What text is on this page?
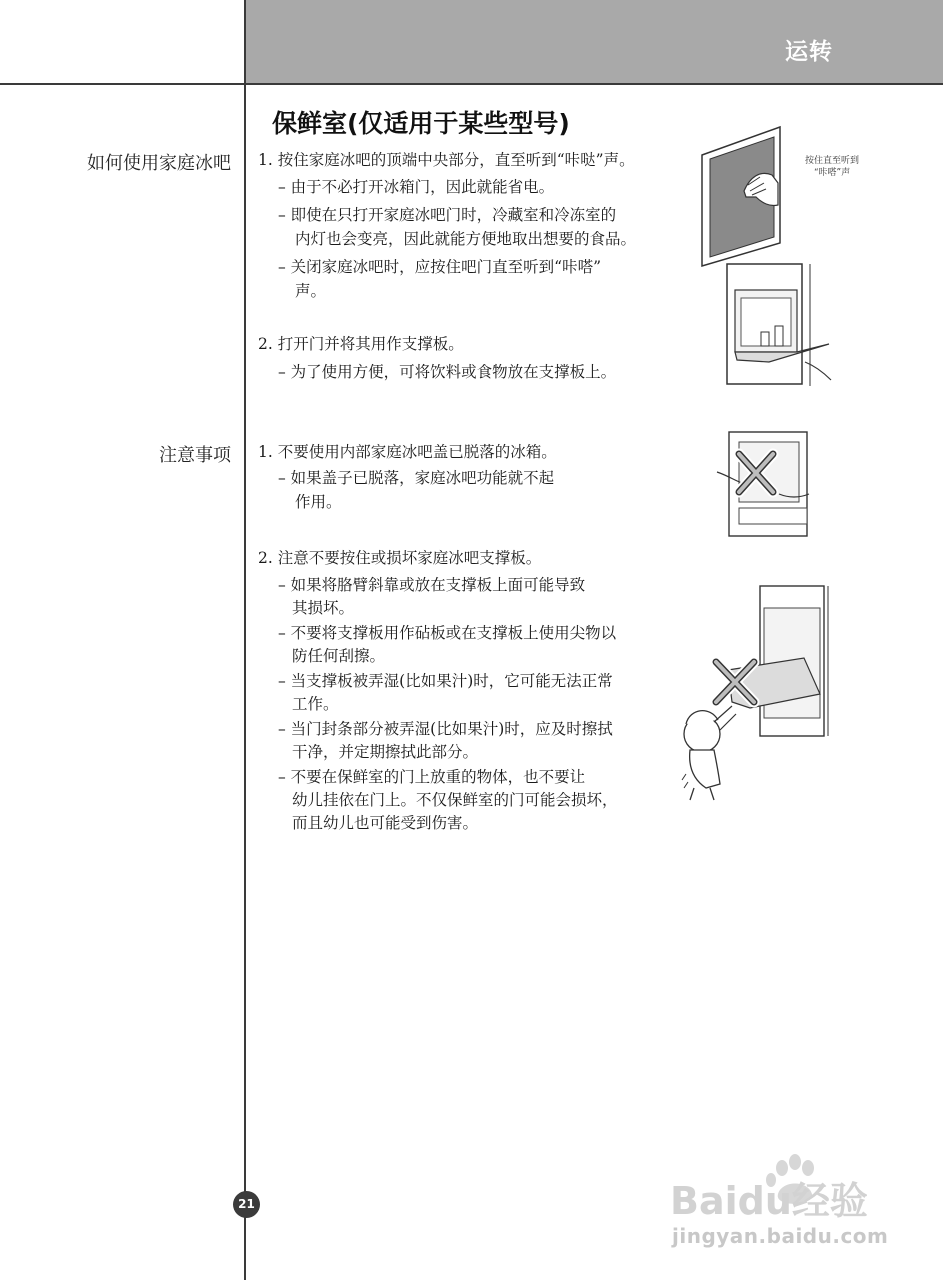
运转
保鲜室(仅适用于某些型号)
如何使用家庭冰吧
注意事项
1. 按住家庭冰吧的顶端中央部分，直至听到“咔哒”声。
– 由于不必打开冰箱门，因此就能省电。
– 即使在只打开家庭冰吧门时，冷藏室和冷冻室的
内灯也会变亮，因此就能方便地取出想要的食品。
– 关闭家庭冰吧时，应按住吧门直至听到“咔嗒”
声。
2. 打开门并将其用作支撑板。
– 为了使用方便，可将饮料或食物放在支撑板上。
1. 不要使用内部家庭冰吧盖已脱落的冰箱。
– 如果盖子已脱落，家庭冰吧功能就不起
作用。
2. 注意不要按住或损坏家庭冰吧支撑板。
– 如果将胳臂斜靠或放在支撑板上面可能导致
其损坏。
– 不要将支撑板用作砧板或在支撑板上使用尖物以
防任何刮擦。
– 当支撑板被弄湿(比如果汁)时，它可能无法正常
工作。
– 当门封条部分被弄湿(比如果汁)时，应及时擦拭
干净，并定期擦拭此部分。
– 不要在保鲜室的门上放重的物体，也不要让
幼儿挂依在门上。不仅保鲜室的门可能会损坏，
而且幼儿也可能受到伤害。
按住直至听到
“咔嗒”声
21	Baidu经验
jingyan.baidu.com
